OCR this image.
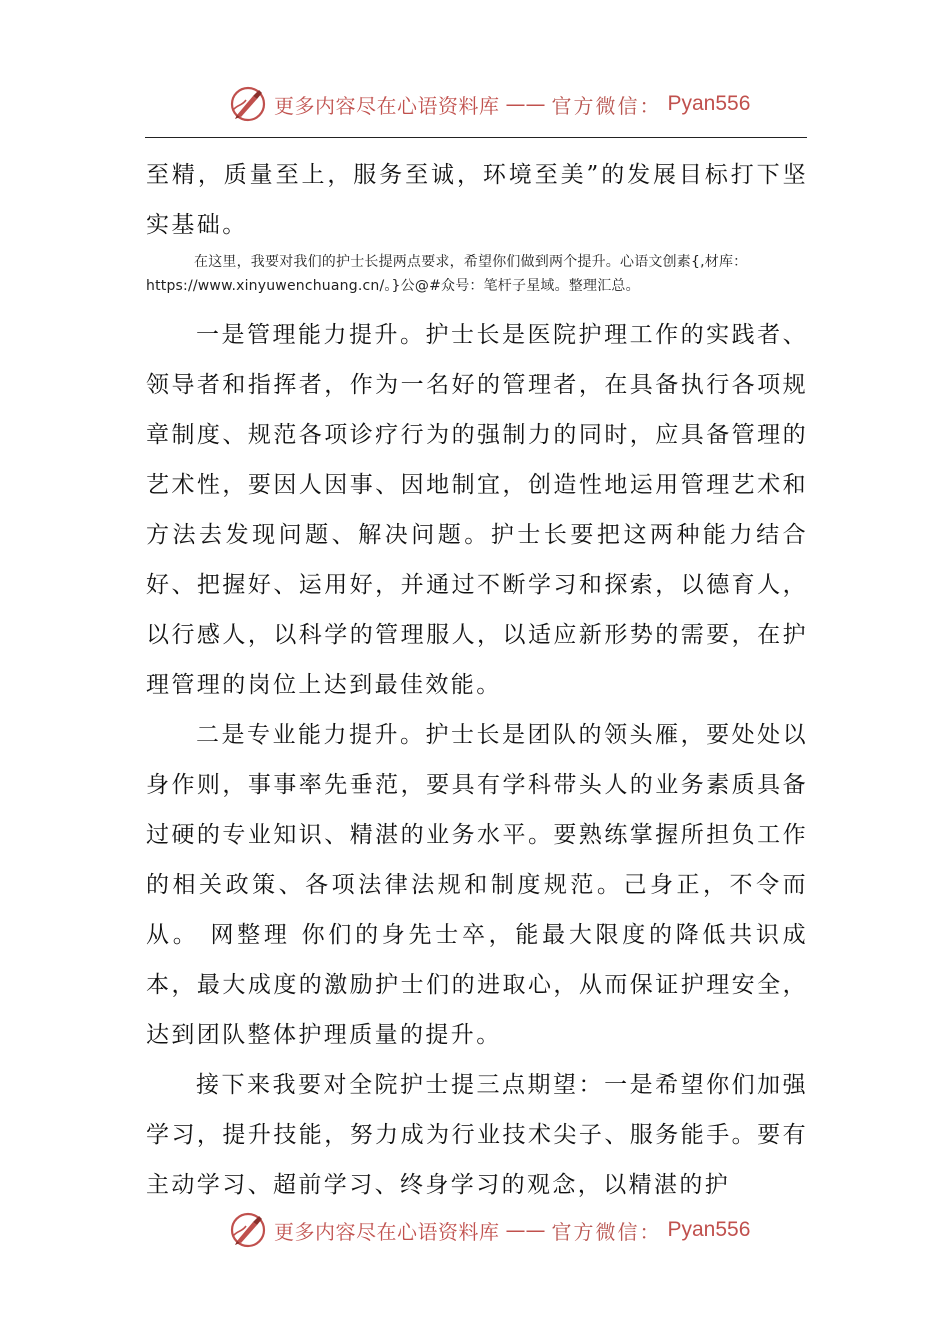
更多内容尽在心语资料库 —— 官方微信： Pyan556

至精，质量至上，服务至诚，环境至美”的发展目标打下坚实基础。

在这里，我要对我们的护士长提两点要求，希望你们做到两个提升。心语文创素{,材库：https://www.xinyuwenchuang.cn/。}公@#众号：笔杆子星域。整理汇总。

一是管理能力提升。护士长是医院护理工作的实践者、领导者和指挥者，作为一名好的管理者，在具备执行各项规章制度、规范各项诊疗行为的强制力的同时，应具备管理的艺术性，要因人因事、因地制宜，创造性地运用管理艺术和方法去发现问题、解决问题。护士长要把这两种能力结合好、把握好、运用好，并通过不断学习和探索，以德育人，以行感人，以科学的管理服人，以适应新形势的需要，在护理管理的岗位上达到最佳效能。

二是专业能力提升。护士长是团队的领头雁，要处处以身作则，事事率先垂范，要具有学科带头人的业务素质具备过硬的专业知识、精湛的业务水平。要熟练掌握所担负工作的相关政策、各项法律法规和制度规范。己身正，不令而从。 网整理 你们的身先士卒，能最大限度的降低共识成本，最大成度的激励护士们的进取心，从而保证护理安全，达到团队整体护理质量的提升。

接下来我要对全院护士提三点期望：一是希望你们加强学习，提升技能，努力成为行业技术尖子、服务能手。要有主动学习、超前学习、终身学习的观念，以精湛的护

更多内容尽在心语资料库 —— 官方微信： Pyan556
